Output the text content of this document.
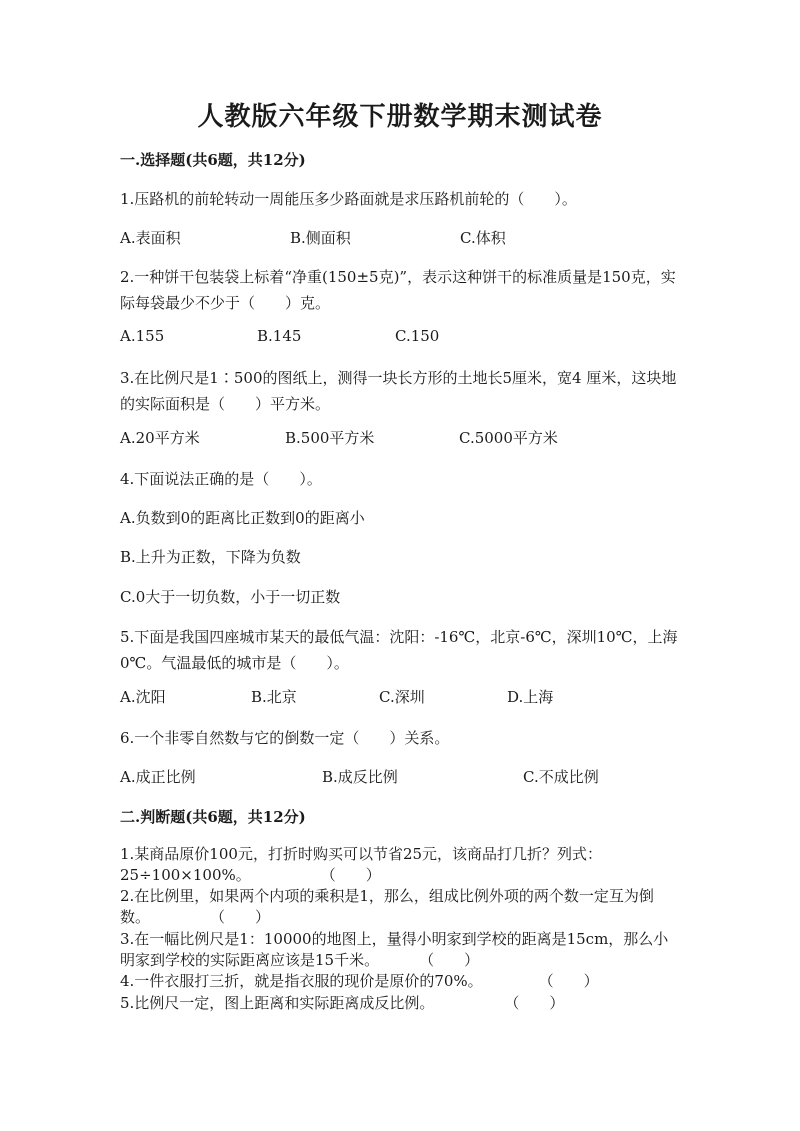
人教版六年级下册数学期末测试卷

一.选择题(共6题，共12分)

1.压路机的前轮转动一周能压多少路面就是求压路机前轮的（　　）。

A.表面积	B.侧面积	C.体积

2.一种饼干包装袋上标着“净重(150±5克)”，表示这种饼干的标准质量是150克，实际每袋最少不少于（　　）克。

A.155	B.145	C.150

3.在比例尺是1∶500的图纸上，测得一块长方形的土地长5厘米，宽4 厘米，这块地的实际面积是（　　）平方米。

A.20平方米	B.500平方米	C.5000平方米

4.下面说法正确的是（　　）。

A.负数到0的距离比正数到0的距离小
B.上升为正数，下降为负数
C.0大于一切负数，小于一切正数

5.下面是我国四座城市某天的最低气温：沈阳：-16℃，北京-6℃，深圳10℃，上海0℃。气温最低的城市是（　　）。

A.沈阳	B.北京	C.深圳	D.上海

6.一个非零自然数与它的倒数一定（　　）关系。

A.成正比例	B.成反比例	C.不成比例

二.判断题(共6题，共12分)

1.某商品原价100元，打折时购买可以节省25元，该商品打几折？列式：25÷100×100%。	（　　）

2.在比例里，如果两个内项的乘积是1，那么，组成比例外项的两个数一定互为倒数。	（　　）

3.在一幅比例尺是1：10000的地图上，量得小明家到学校的距离是15cm，那么小明家到学校的实际距离应该是15千米。	（　　）

4.一件衣服打三折，就是指衣服的现价是原价的70%。	（　　）

5.比例尺一定，图上距离和实际距离成反比例。	（　　）
